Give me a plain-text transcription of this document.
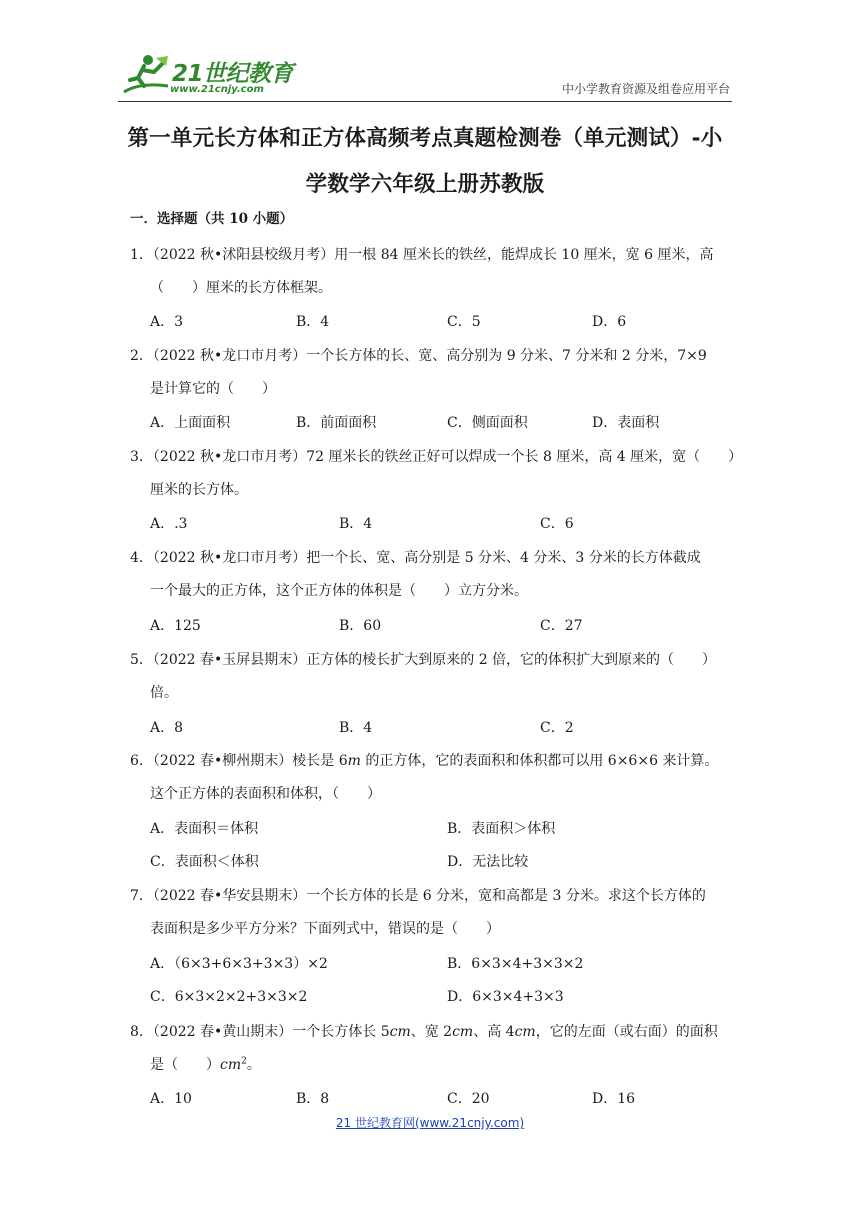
21世纪教育
www.21cnjy.com	中小学教育资源及组卷应用平台
第一单元长方体和正方体高频考点真题检测卷（单元测试）-小
学数学六年级上册苏教版
一．选择题（共 10 小题）
1．（2022 秋•沭阳县校级月考）用一根 84 厘米长的铁丝，能焊成长 10 厘米，宽 6 厘米，高
（　　）厘米的长方体框架。
A．3	B．4	C．5	D．6
2．（2022 秋•龙口市月考）一个长方体的长、宽、高分别为 9 分米、7 分米和 2 分米，7×9
是计算它的（　　）
A．上面面积	B．前面面积	C．侧面面积	D．表面积
3．（2022 秋•龙口市月考）72 厘米长的铁丝正好可以焊成一个长 8 厘米，高 4 厘米，宽（　　）
厘米的长方体。
A．.3	B．4	C．6
4．（2022 秋•龙口市月考）把一个长、宽、高分别是 5 分米、4 分米、3 分米的长方体截成
一个最大的正方体，这个正方体的体积是（　　）立方分米。
A．125	B．60	C．27
5．（2022 春•玉屏县期末）正方体的棱长扩大到原来的 2 倍，它的体积扩大到原来的（　　）
倍。
A．8	B．4	C．2
6．（2022 春•柳州期末）棱长是 6m 的正方体，它的表面积和体积都可以用 6×6×6 来计算。
这个正方体的表面积和体积，（　　）
A．表面积＝体积	B．表面积＞体积
C．表面积＜体积	D．无法比较
7．（2022 春•华安县期末）一个长方体的长是 6 分米，宽和高都是 3 分米。求这个长方体的
表面积是多少平方分米？下面列式中，错误的是（　　）
A．（6×3+6×3+3×3）×2	B．6×3×4+3×3×2
C．6×3×2×2+3×3×2	D．6×3×4+3×3
8．（2022 春•黄山期末）一个长方体长 5cm、宽 2cm、高 4cm，它的左面（或右面）的面积
是（　　）$cm^2$。
A．10	B．8	C．20	D．16
21 世纪教育网(www.21cnjy.com)
